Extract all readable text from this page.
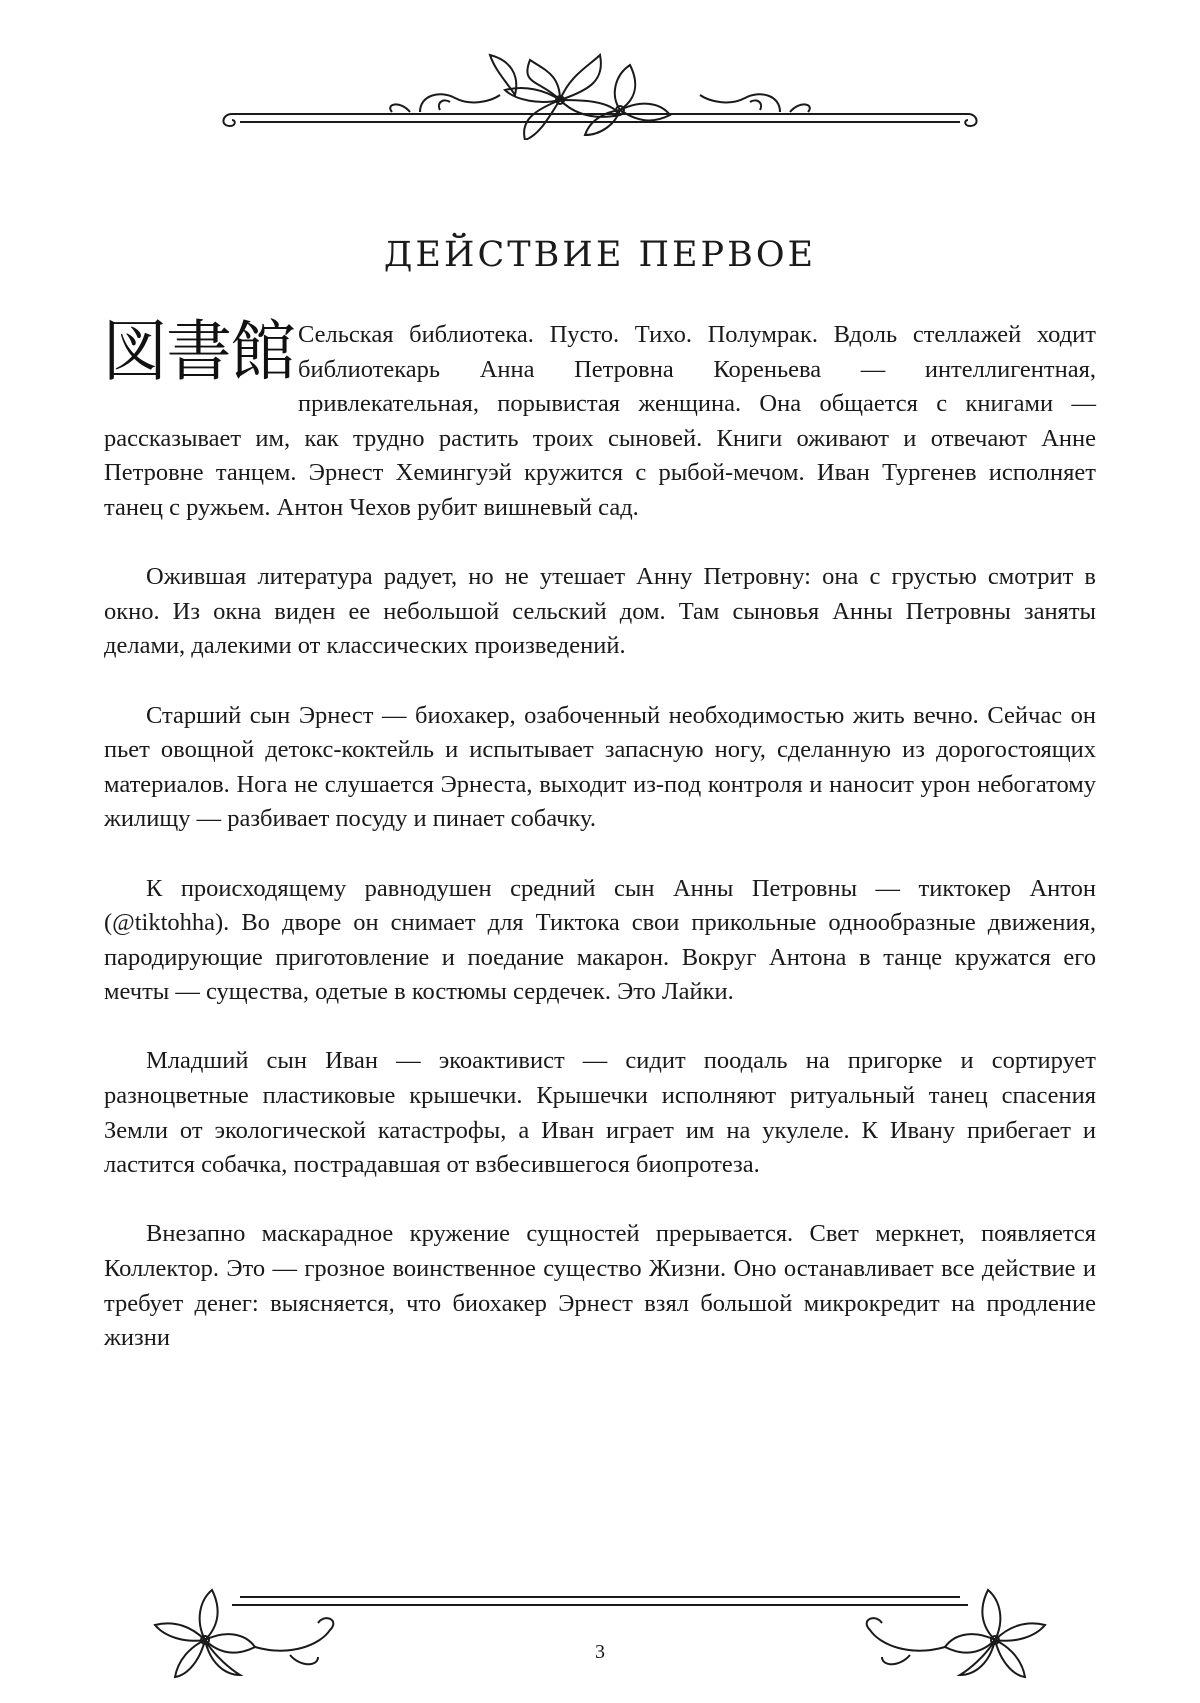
ДЕЙСТВИЕ ПЕРВОЕ

図書館 Сельская библиотека. Пусто. Тихо. Полумрак. Вдоль стеллажей ходит библиотекарь Анна Петровна Кореньева — интеллигентная, привлекательная, порывистая женщина. Она общается с книгами — рассказывает им, как трудно растить троих сыновей. Книги оживают и отвечают Анне Петровне танцем. Эрнест Хемингуэй кружится с рыбой-мечом. Иван Тургенев исполняет танец с ружьем. Антон Чехов рубит вишневый сад.

Ожившая литература радует, но не утешает Анну Петровну: она с грустью смотрит в окно. Из окна виден ее небольшой сельский дом. Там сыновья Анны Петровны заняты делами, далекими от классических произведений.

Старший сын Эрнест — биохакер, озабоченный необходимостью жить вечно. Сейчас он пьет овощной детокс-коктейль и испытывает запасную ногу, сделанную из дорогостоящих материалов. Нога не слушается Эрнеста, выходит из-под контроля и наносит урон небогатому жилищу — разбивает посуду и пинает собачку.

К происходящему равнодушен средний сын Анны Петровны — тиктокер Антон (@tiktohha). Во дворе он снимает для Тиктока свои прикольные однообразные движения, пародирующие приготовление и поедание макарон. Вокруг Антона в танце кружатся его мечты — существа, одетые в костюмы сердечек. Это Лайки.

Младший сын Иван — экоактивист — сидит поодаль на пригорке и сортирует разноцветные пластиковые крышечки. Крышечки исполняют ритуальный танец спасения Земли от экологической катастрофы, а Иван играет им на укулеле. К Ивану прибегает и ластится собачка, пострадавшая от взбесившегося биопротеза.

Внезапно маскарадное кружение сущностей прерывается. Свет меркнет, появляется Коллектор. Это — грозное воинственное существо Жизни. Оно останавливает все действие и требует денег: выясняется, что биохакер Эрнест взял большой микрокредит на продление жизни

3
